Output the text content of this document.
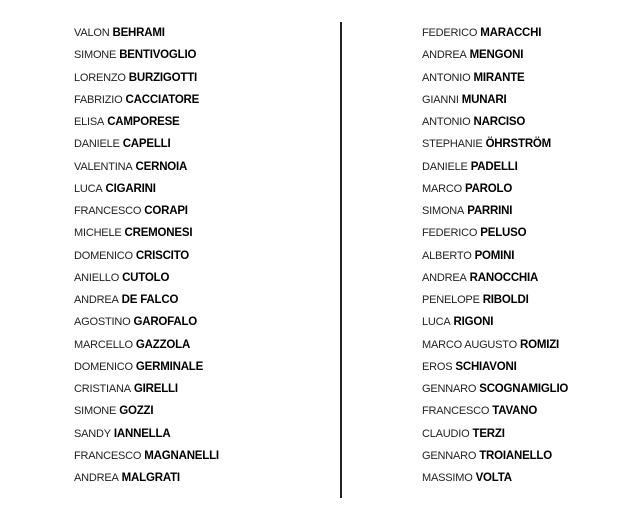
VALON BEHRAMI
SIMONE BENTIVOGLIO
LORENZO BURZIGOTTI
FABRIZIO CACCIATORE
ELISA CAMPORESE
DANIELE CAPELLI
VALENTINA CERNOIA
LUCA CIGARINI
FRANCESCO CORAPI
MICHELE CREMONESI
DOMENICO CRISCITO
ANIELLO CUTOLO
ANDREA DE FALCO
AGOSTINO GAROFALO
MARCELLO GAZZOLA
DOMENICO GERMINALE
CRISTIANA GIRELLI
SIMONE GOZZI
SANDY IANNELLA
FRANCESCO MAGNANELLI
ANDREA MALGRATI
FEDERICO MARACCHI
ANDREA MENGONI
ANTONIO MIRANTE
GIANNI MUNARI
ANTONIO NARCISO
STEPHANIE ÖHRSTRÖM
DANIELE PADELLI
MARCO PAROLO
SIMONA PARRINI
FEDERICO PELUSO
ALBERTO POMINI
ANDREA RANOCCHIA
PENELOPE RIBOLDI
LUCA RIGONI
MARCO AUGUSTO ROMIZI
EROS SCHIAVONI
GENNARO SCOGNAMIGLIO
FRANCESCO TAVANO
CLAUDIO TERZI
GENNARO TROIANELLO
MASSIMO VOLTA
